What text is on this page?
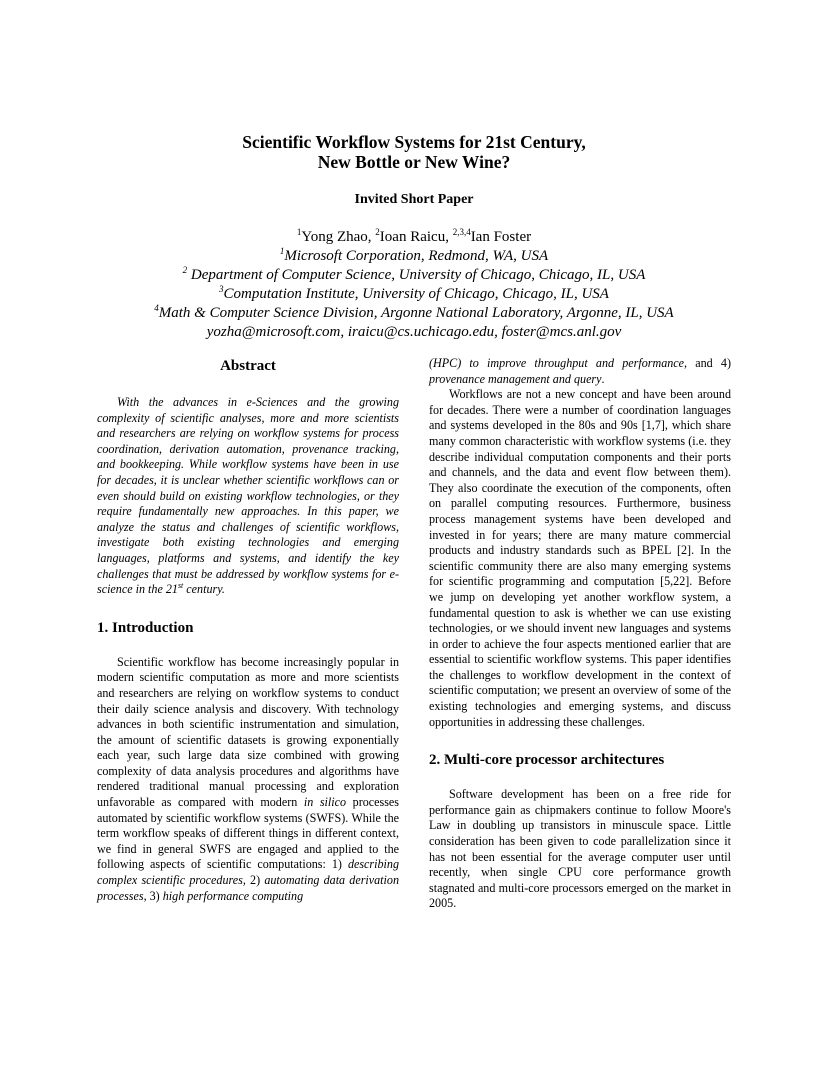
Scientific Workflow Systems for 21st Century,
New Bottle or New Wine?
Invited Short Paper
$^1$Yong Zhao, $^2$Ioan Raicu, $^{2,3,4}$Ian Foster
$^1$Microsoft Corporation, Redmond, WA, USA
$^2$ Department of Computer Science, University of Chicago, Chicago, IL, USA
$^3$Computation Institute, University of Chicago, Chicago, IL, USA
$^4$Math & Computer Science Division, Argonne National Laboratory, Argonne, IL, USA
yozha@microsoft.com, iraicu@cs.uchicago.edu, foster@mcs.anl.gov
Abstract

With the advances in e-Sciences and the growing complexity of scientific analyses, more and more scientists and researchers are relying on workflow systems for process coordination, derivation automation, provenance tracking, and bookkeeping. While workflow systems have been in use for decades, it is unclear whether scientific workflows can or even should build on existing workflow technologies, or they require fundamentally new approaches. In this paper, we analyze the status and challenges of scientific workflows, investigate both existing technologies and emerging languages, platforms and systems, and identify the key challenges that must be addressed by workflow systems for e-science in the 21st century.

1. Introduction

Scientific workflow has become increasingly popular in modern scientific computation as more and more scientists and researchers are relying on workflow systems to conduct their daily science analysis and discovery. With technology advances in both scientific instrumentation and simulation, the amount of scientific datasets is growing exponentially each year, such large data size combined with growing complexity of data analysis procedures and algorithms have rendered traditional manual processing and exploration unfavorable as compared with modern in silico processes automated by scientific workflow systems (SWFS). While the term workflow speaks of different things in different context, we find in general SWFS are engaged and applied to the following aspects of scientific computations: 1) describing complex scientific procedures, 2) automating data derivation processes, 3) high performance computing

(HPC) to improve throughput and performance, and 4) provenance management and query.

Workflows are not a new concept and have been around for decades. There were a number of coordination languages and systems developed in the 80s and 90s [1,7], which share many common characteristic with workflow systems (i.e. they describe individual computation components and their ports and channels, and the data and event flow between them). They also coordinate the execution of the components, often on parallel computing resources. Furthermore, business process management systems have been developed and invested in for years; there are many mature commercial products and industry standards such as BPEL [2]. In the scientific community there are also many emerging systems for scientific programming and computation [5,22]. Before we jump on developing yet another workflow system, a fundamental question to ask is whether we can use existing technologies, or we should invent new languages and systems in order to achieve the four aspects mentioned earlier that are essential to scientific workflow systems. This paper identifies the challenges to workflow development in the context of scientific computation; we present an overview of some of the existing technologies and emerging systems, and discuss opportunities in addressing these challenges.

2. Multi-core processor architectures

Software development has been on a free ride for performance gain as chipmakers continue to follow Moore's Law in doubling up transistors in minuscule space. Little consideration has been given to code parallelization since it has not been essential for the average computer user until recently, when single CPU core performance growth stagnated and multi-core processors emerged on the market in 2005.
